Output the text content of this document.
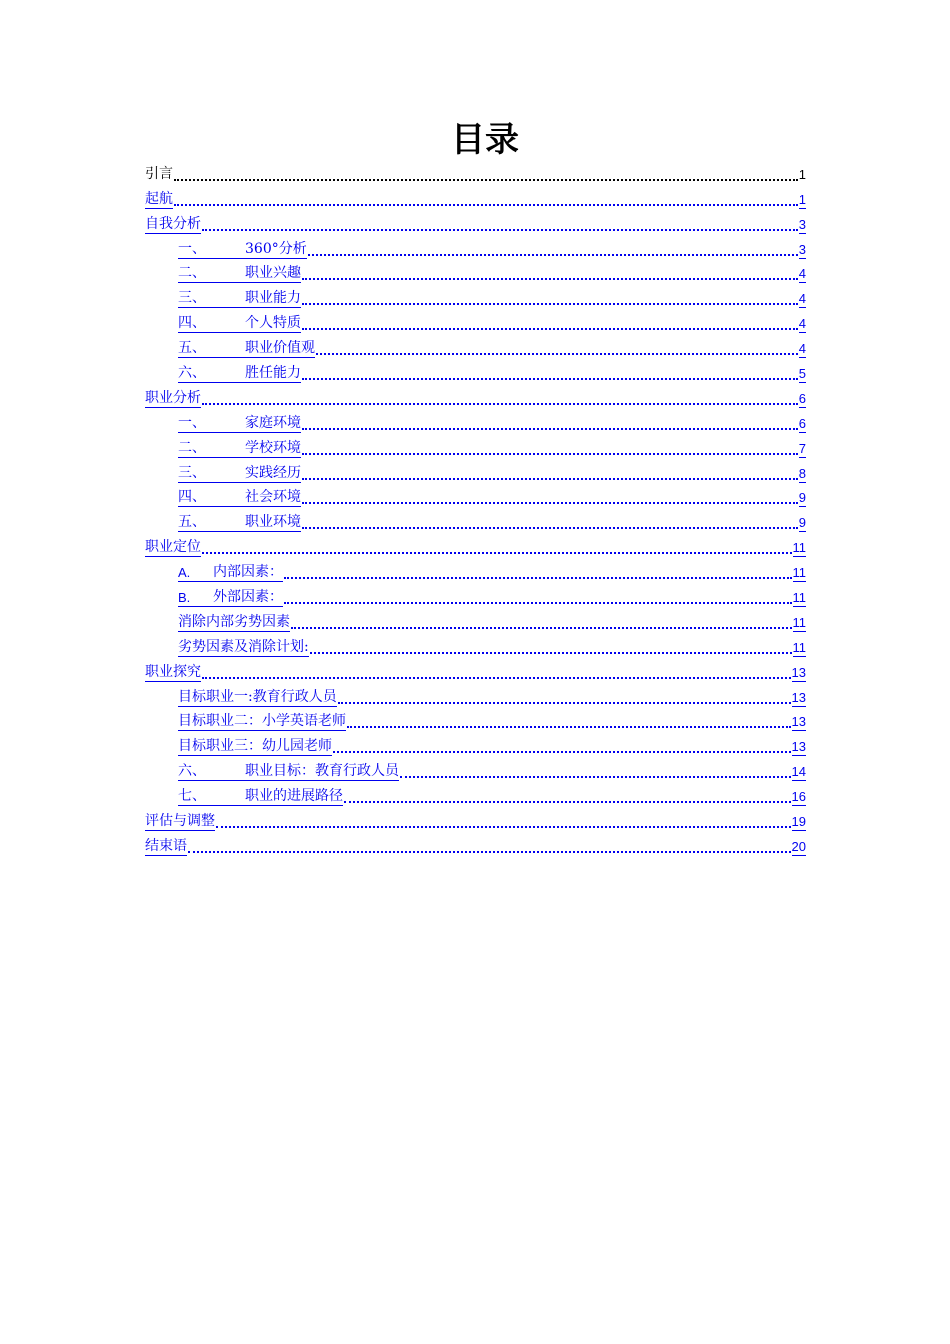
目录
引言	1
起航	1
自我分析	3
一、	360°分析	3
二、	职业兴趣	4
三、	职业能力	4
四、	个人特质	4
五、	职业价值观	4
六、	胜任能力	5
职业分析	6
一、	家庭环境	6
二、	学校环境	7
三、	实践经历	8
四、	社会环境	9
五、	职业环境	9
职业定位	11
A.	内部因素：	11
B.	外部因素：	11
消除内部劣势因素	11
劣势因素及消除计划:	11
职业探究	13
目标职业一:教育行政人员	13
目标职业二：小学英语老师	13
目标职业三：幼儿园老师	13
六、	职业目标：教育行政人员	14
七、	职业的进展路径	16
评估与调整	19
结束语	20
